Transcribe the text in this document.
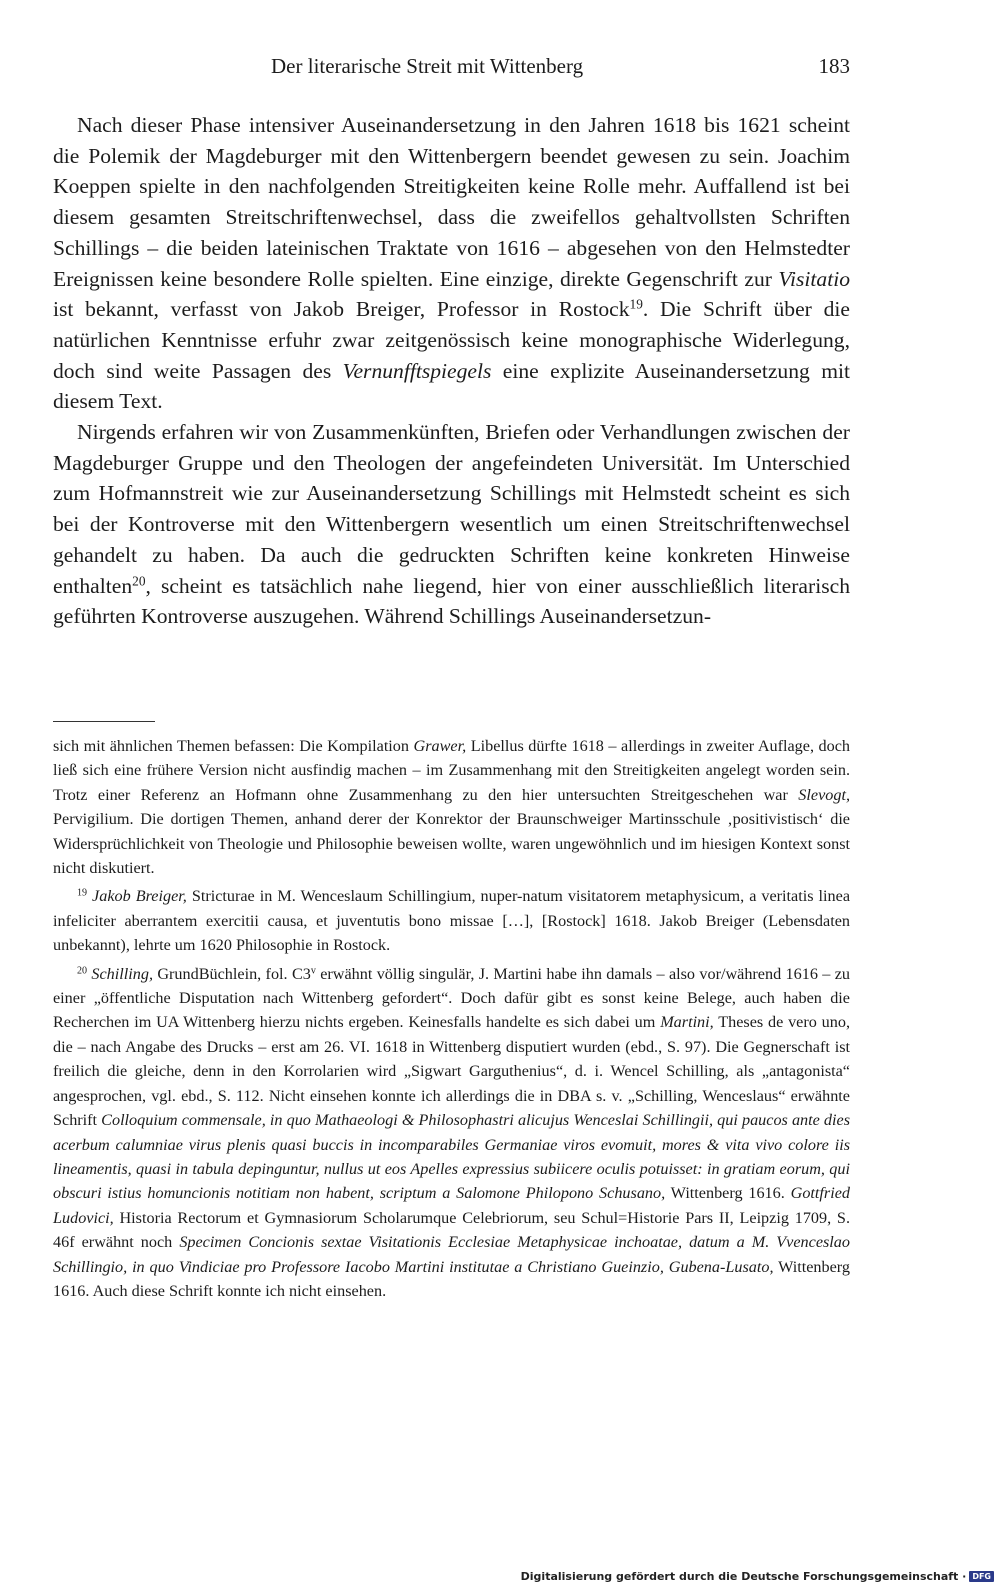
Der literarische Streit mit Wittenberg	183

Nach dieser Phase intensiver Auseinandersetzung in den Jahren 1618 bis 1621 scheint die Polemik der Magdeburger mit den Wittenbergern beendet gewesen zu sein. Joachim Koeppen spielte in den nachfolgenden Streitigkeiten keine Rolle mehr. Auffallend ist bei diesem gesamten Streitschriftenwechsel, dass die zweifellos gehaltvollsten Schriften Schillings – die beiden lateinischen Traktate von 1616 – abgesehen von den Helmstedter Ereignissen keine besondere Rolle spielten. Eine einzige, direkte Gegenschrift zur Visitatio ist bekannt, verfasst von Jakob Breiger, Professor in Rostock$^{19}$. Die Schrift über die natürlichen Kenntnisse erfuhr zwar zeitgenössisch keine monographische Widerlegung, doch sind weite Passagen des Vernunfftspiegels eine explizite Auseinandersetzung mit diesem Text.

Nirgends erfahren wir von Zusammenkünften, Briefen oder Verhandlungen zwischen der Magdeburger Gruppe und den Theologen der angefeindeten Universität. Im Unterschied zum Hofmannstreit wie zur Auseinandersetzung Schillings mit Helmstedt scheint es sich bei der Kontroverse mit den Wittenbergern wesentlich um einen Streitschriftenwechsel gehandelt zu haben. Da auch die gedruckten Schriften keine konkreten Hinweise enthalten$^{20}$, scheint es tatsächlich nahe liegend, hier von einer ausschließlich literarisch geführten Kontroverse auszugehen. Während Schillings Auseinandersetzun-

sich mit ähnlichen Themen befassen: Die Kompilation Grawer, Libellus dürfte 1618 – allerdings in zweiter Auflage, doch ließ sich eine frühere Version nicht ausfindig machen – im Zusammenhang mit den Streitigkeiten angelegt worden sein. Trotz einer Referenz an Hofmann ohne Zusammenhang zu den hier untersuchten Streitgeschehen war Slevogt, Pervigilium. Die dortigen Themen, anhand derer der Konrektor der Braunschweiger Martinsschule ‚positivistisch‘ die Widersprüchlichkeit von Theologie und Philosophie beweisen wollte, waren ungewöhnlich und im hiesigen Kontext sonst nicht diskutiert.

$^{19}$ Jakob Breiger, Stricturae in M. Wenceslaum Schillingium, nuper-natum visitatorem metaphysicum, a veritatis linea infeliciter aberrantem exercitii causa, et juventutis bono missae […], [Rostock] 1618. Jakob Breiger (Lebensdaten unbekannt), lehrte um 1620 Philosophie in Rostock.

$^{20}$ Schilling, GrundBüchlein, fol. C3$^v$ erwähnt völlig singulär, J. Martini habe ihn damals – also vor/während 1616 – zu einer „öffentliche Disputation nach Wittenberg gefordert“. Doch dafür gibt es sonst keine Belege, auch haben die Recherchen im UA Wittenberg hierzu nichts ergeben. Keinesfalls handelte es sich dabei um Martini, Theses de vero uno, die – nach Angabe des Drucks – erst am 26. VI. 1618 in Wittenberg disputiert wurden (ebd., S. 97). Die Gegnerschaft ist freilich die gleiche, denn in den Korrolarien wird „Sigwart Garguthenius“, d. i. Wencel Schilling, als „antagonista“ angesprochen, vgl. ebd., S. 112. Nicht einsehen konnte ich allerdings die in DBA s. v. „Schilling, Wenceslaus“ erwähnte Schrift Colloquium commensale, in quo Mathaeologi & Philosophastri alicujus Wenceslai Schillingii, qui paucos ante dies acerbum calumniae virus plenis quasi buccis in incomparabiles Germaniae viros evomuit, mores & vita vivo colore iis lineamentis, quasi in tabula depinguntur, nullus ut eos Apelles expressius subiicere oculis potuisset: in gratiam eorum, qui obscuri istius homuncionis notitiam non habent, scriptum a Salomone Philopono Schusano, Wittenberg 1616. Gottfried Ludovici, Historia Rectorum et Gymnasiorum Scholarumque Celebriorum, seu Schul=Historie Pars II, Leipzig 1709, S. 46f erwähnt noch Specimen Concionis sextae Visitationis Ecclesiae Metaphysicae inchoatae, datum a M. Vvenceslao Schillingio, in quo Vindiciae pro Professore Iacobo Martini institutae a Christiano Gueinzio, Gubena-Lusato, Wittenberg 1616. Auch diese Schrift konnte ich nicht einsehen.

Digitalisierung gefördert durch die Deutsche Forschungsgemeinschaft · DFG
